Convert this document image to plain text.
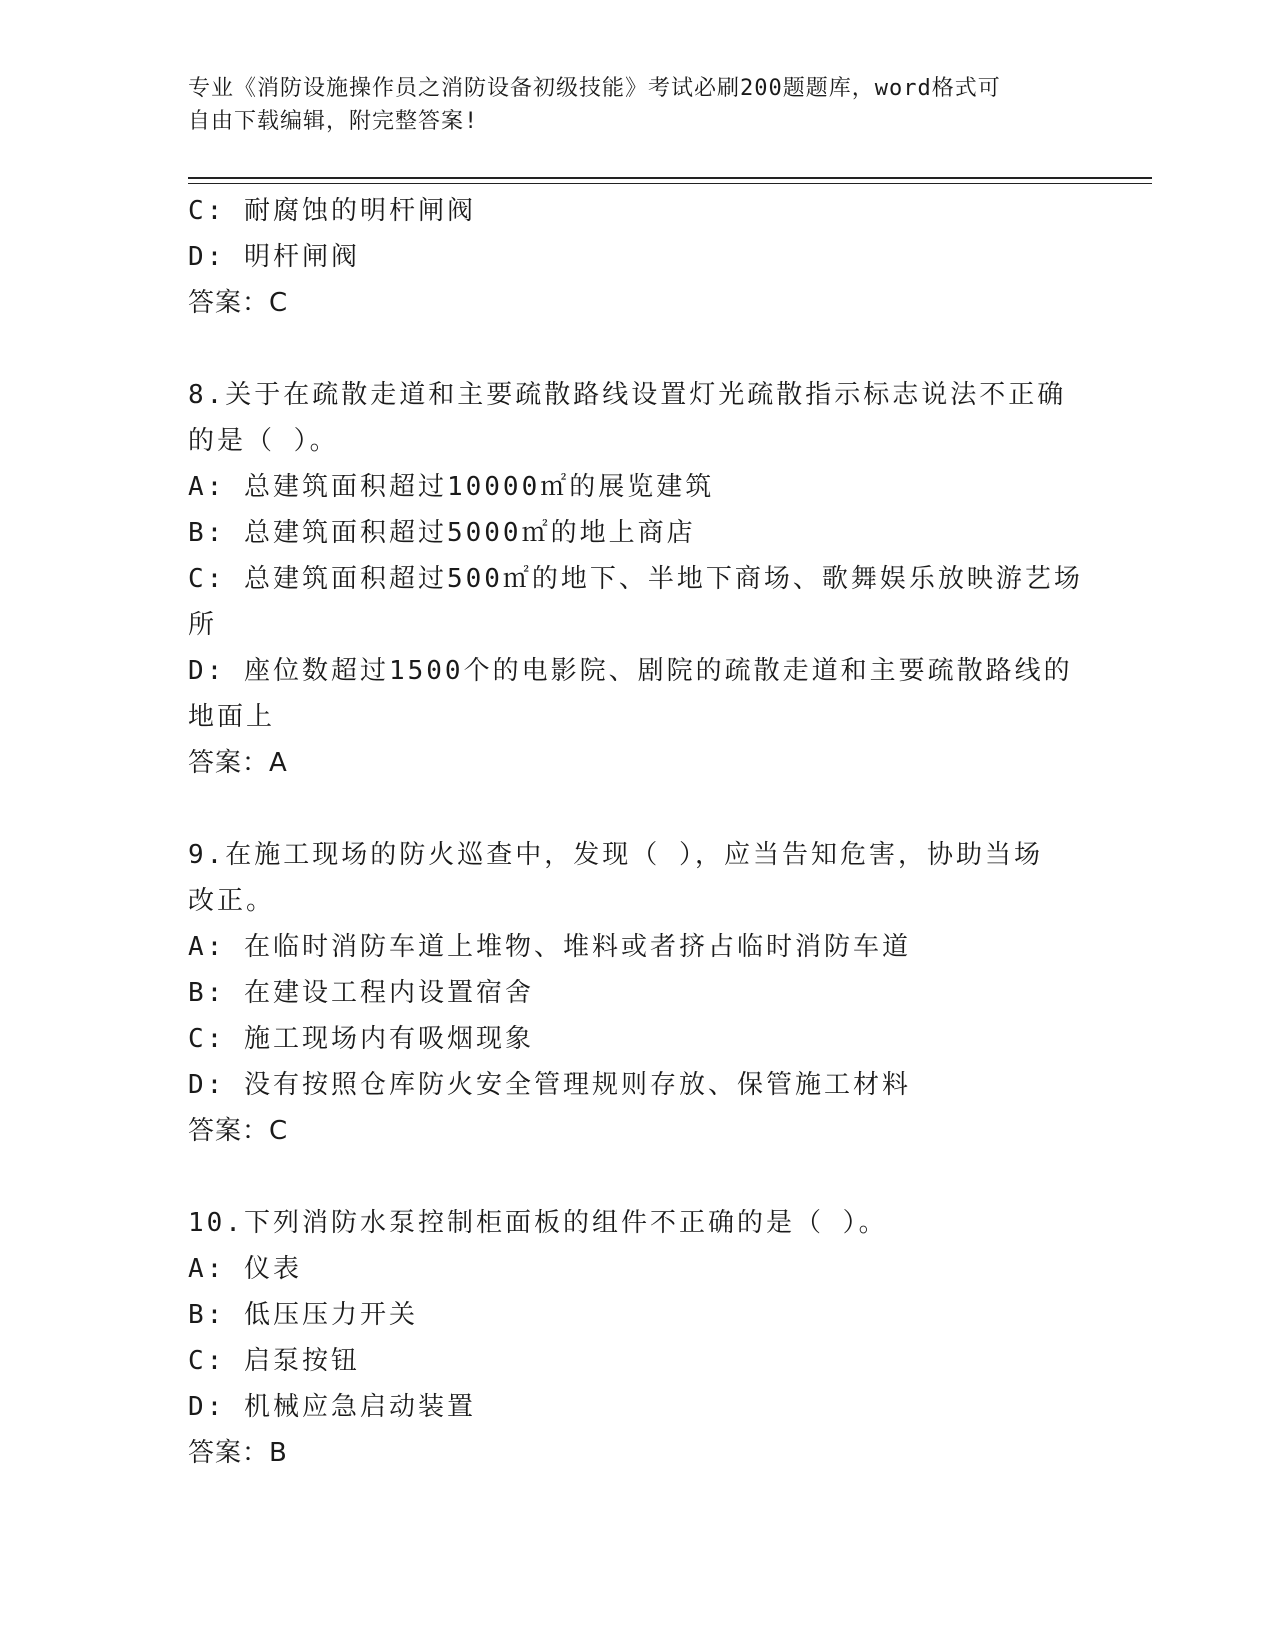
专业《消防设施操作员之消防设备初级技能》考试必刷200题题库，word格式可
自由下载编辑，附完整答案!
C: 耐腐蚀的明杆闸阀
D: 明杆闸阀
答案：C
8.关于在疏散走道和主要疏散路线设置灯光疏散指示标志说法不正确
的是（ ）。
A: 总建筑面积超过10000㎡的展览建筑
B: 总建筑面积超过5000㎡的地上商店
C: 总建筑面积超过500㎡的地下、半地下商场、歌舞娱乐放映游艺场
所
D: 座位数超过1500个的电影院、剧院的疏散走道和主要疏散路线的
地面上
答案：A
9.在施工现场的防火巡查中，发现（ ），应当告知危害，协助当场
改正。
A: 在临时消防车道上堆物、堆料或者挤占临时消防车道
B: 在建设工程内设置宿舍
C: 施工现场内有吸烟现象
D: 没有按照仓库防火安全管理规则存放、保管施工材料
答案：C
10.下列消防水泵控制柜面板的组件不正确的是（ ）。
A: 仪表
B: 低压压力开关
C: 启泵按钮
D: 机械应急启动装置
答案：B
